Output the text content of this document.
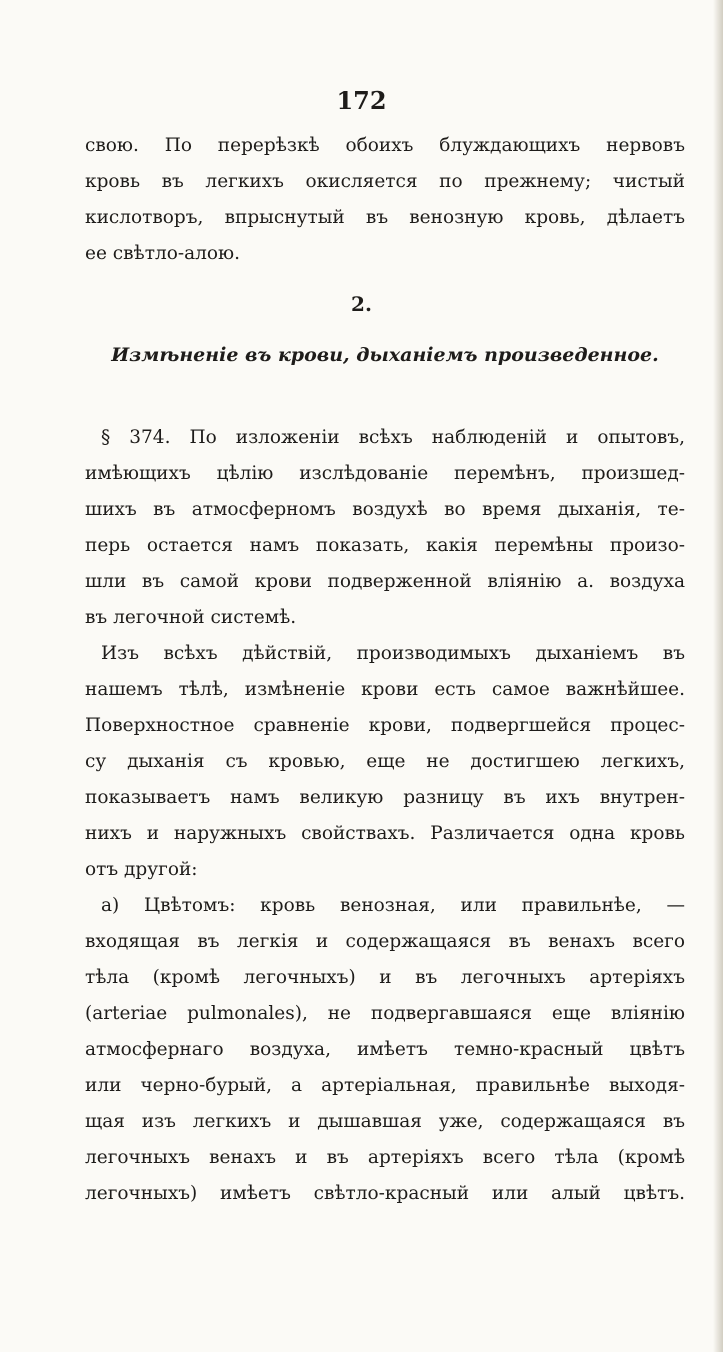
172
свою. По перерѣзкѣ обоихъ блуждающихъ нервовъ
кровь въ легкихъ окисляется по прежнему; чистый
кислотворъ, впрыснутый въ венозную кровь, дѣлаетъ
ее свѣтло-алою.
2.
Измѣненіе въ крови, дыханіемъ произведенное.
§ 374. По изложеніи всѣхъ наблюденій и опытовъ,
имѣющихъ цѣлію изслѣдованіе перемѣнъ, произшед-
шихъ въ атмосферномъ воздухѣ во время дыханія, те-
перь остается намъ показать, какія перемѣны произо-
шли въ самой крови подверженной вліянію а. воздуха
въ легочной системѣ.
Изъ всѣхъ дѣйствій, производимыхъ дыханіемъ въ
нашемъ тѣлѣ, измѣненіе крови есть самое важнѣйшее.
Поверхностное сравненіе крови, подвергшейся процес-
су дыханія съ кровью, еще не достигшею легкихъ,
показываетъ намъ великую разницу въ ихъ внутрен-
нихъ и наружныхъ свойствахъ. Различается одна кровь
отъ другой:
а) Цвѣтомъ: кровь венозная, или правильнѣе, —
входящая въ легкія и содержащаяся въ венахъ всего
тѣла (кромѣ легочныхъ) и въ легочныхъ артеріяхъ
(arteriae pulmonales), не подвергавшаяся еще вліянію
атмосфернаго воздуха, имѣетъ темно-красный цвѣтъ
или черно-бурый, а артеріальная, правильнѣе выходя-
щая изъ легкихъ и дышавшая уже, содержащаяся въ
легочныхъ венахъ и въ артеріяхъ всего тѣла (кромѣ
легочныхъ) имѣетъ свѣтло-красный или алый цвѣтъ.
